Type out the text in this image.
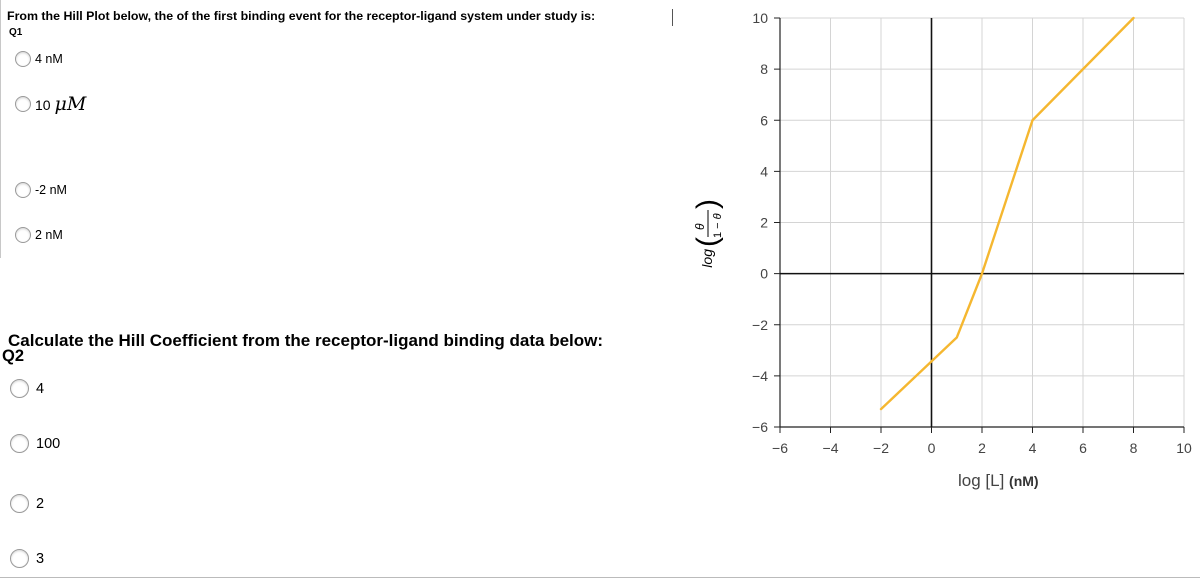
From the Hill Plot below, the of the first binding event for the receptor-ligand system under study is:
Q1
4 nM
10 μM
-2 nM
2 nM
Calculate the Hill Coefficient from the receptor-ligand binding data below:
Q2
4
100
2
3
−6 −4 −2	0	2	4	6	8	10
−6
−4
−2
0
2
4
6
8
10
log
(
θ 1 − θ
)
log [L] (nM)
